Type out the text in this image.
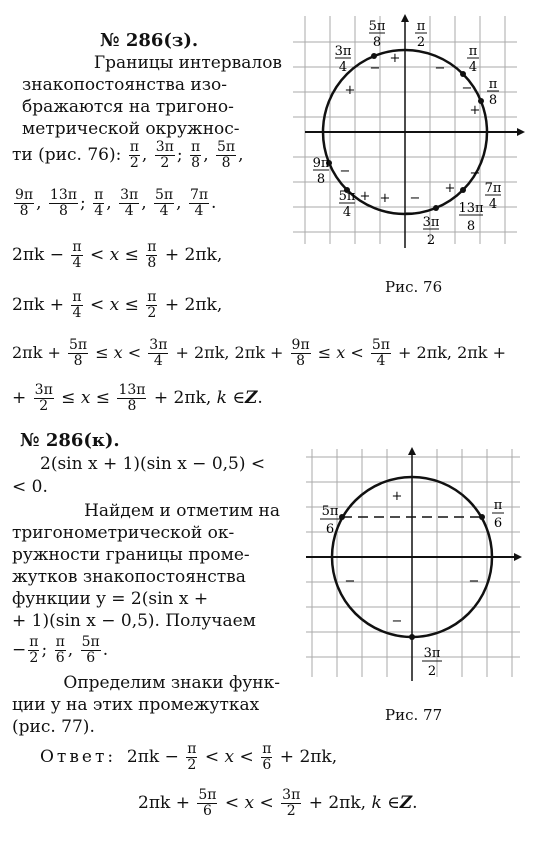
№ 286(з).
Границы интервалов
знакопостоянства изо-
бражаются на тригоно-
метрической окружнос-
ти (рис. 76): $\frac{\pi}{2}$ , $\frac{3\pi}{2}$ ; $\frac{\pi}{8}$ , $\frac{5\pi}{8}$ ,
$\frac{9\pi}{8}$ , $\frac{13\pi}{8}$ ; $\frac{\pi}{4}$ , $\frac{3\pi}{4}$ , $\frac{5\pi}{4}$ , $\frac{7\pi}{4}$ .
$2\pi k - \frac{\pi}{4} < x \le \frac{\pi}{8} + 2\pi k$,
$2\pi k + \frac{\pi}{4} < x \le \frac{\pi}{2} + 2\pi k$,
$2\pi k + \frac{5\pi}{8} \le x < \frac{3\pi}{4} + 2\pi k$, $2\pi k + \frac{9\pi}{8} \le x < \frac{5\pi}{4} + 2\pi k$, 2πk +
+ $\frac{3\pi}{2} \le x \le \frac{13\pi}{8} + 2\pi k$, k ∈Z.
5π
8
π
2
3π
4
π
4
π
8
9π
8
7π
4
5π
4	13π
8
3π
2
+
−	−
+	−
+
+ −
+
−
−
+
−
Рис. 76
№ 286(к).
2(sin x + 1)(sin x − 0,5) <
< 0.
Найдем и отметим на
тригонометрической ок-
ружности границы проме-
жутков знакопостоянства
функции y = 2(sin x +
+ 1)(sin x − 0,5). Получаем
− $\frac{\pi}{2}$ ; $\frac{\pi}{6}$ , $\frac{5\pi}{6}$ .
Определим знаки функ-
ции y на этих промежутках
(рис. 77).
5π
6
π
6
3π
2
+
−	−
−
Рис. 77
Ответ: $2\pi k - \frac{\pi}{2} < x < \frac{\pi}{6} + 2\pi k$,
$2\pi k + \frac{5\pi}{6} < x < \frac{3\pi}{2} + 2\pi k$, k ∈Z.
